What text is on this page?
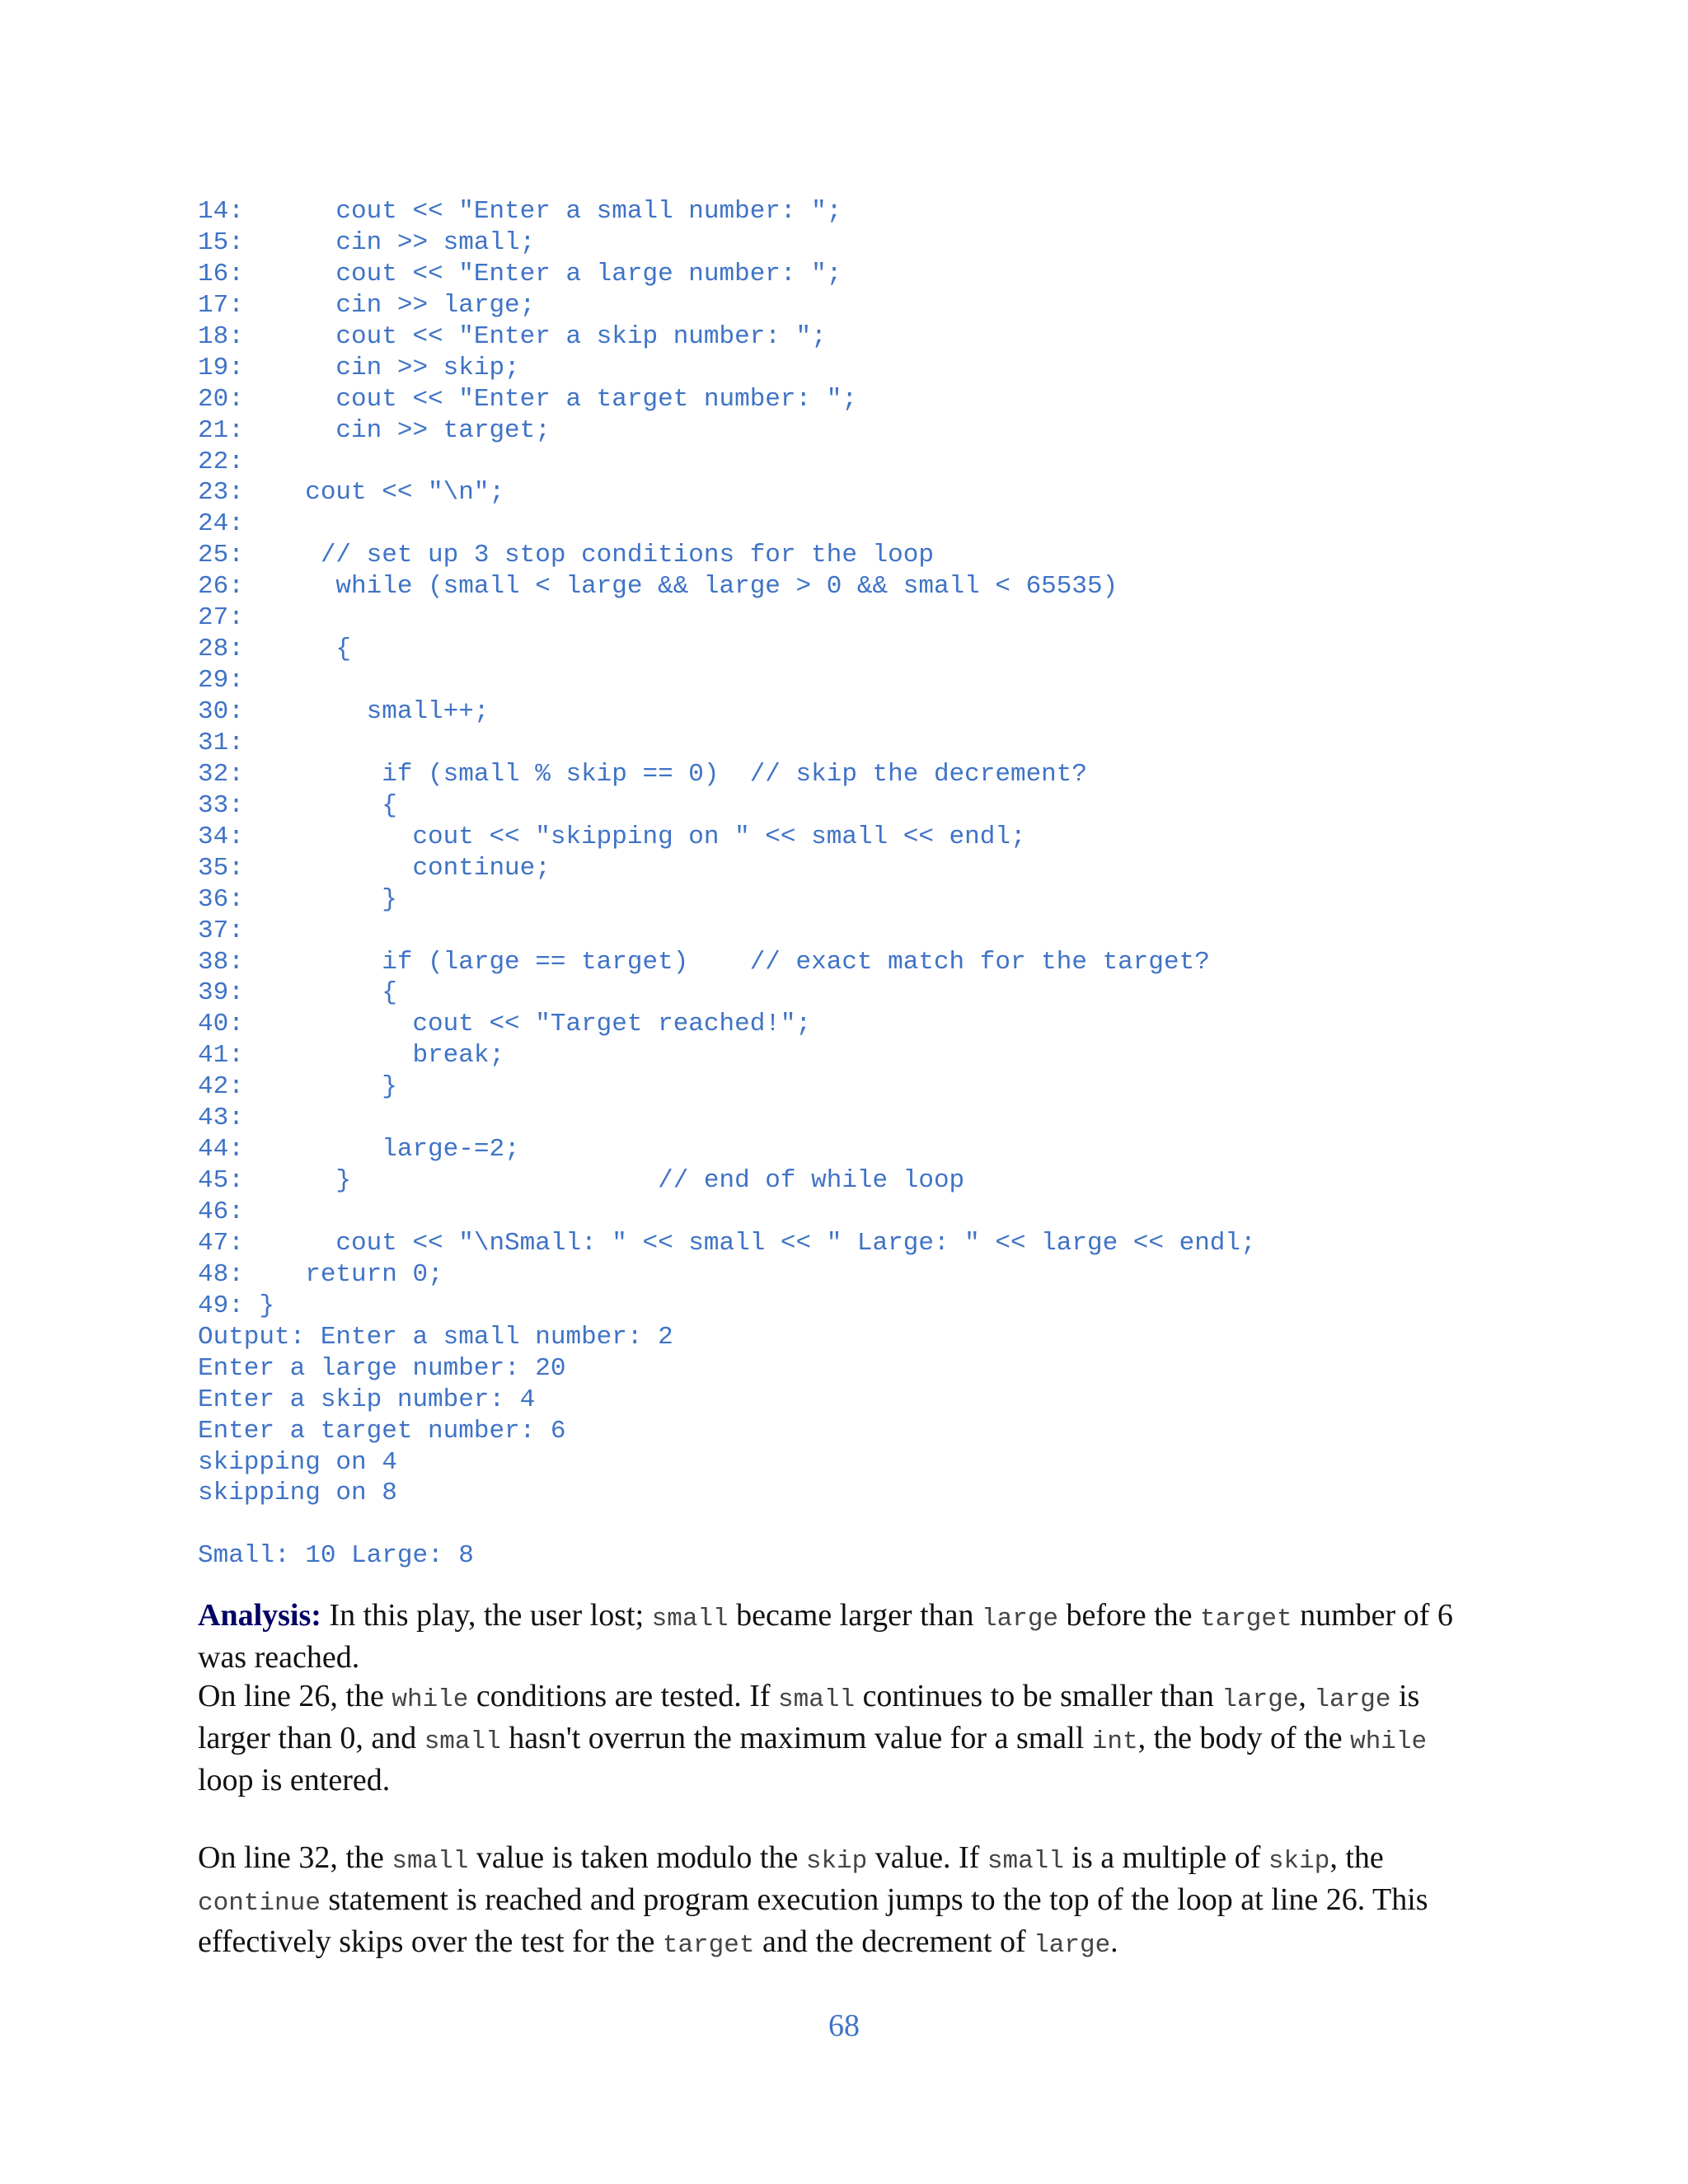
14:      cout << "Enter a small number: ";
15:      cin >> small;
16:      cout << "Enter a large number: ";
17:      cin >> large;
18:      cout << "Enter a skip number: ";
19:      cin >> skip;
20:      cout << "Enter a target number: ";
21:      cin >> target;
22:
23:    cout << "\n";
24:
25:     // set up 3 stop conditions for the loop
26:      while (small < large && large > 0 && small < 65535)
27:
28:      {
29:
30:        small++;
31:
32:         if (small % skip == 0)  // skip the decrement?
33:         {
34:           cout << "skipping on " << small << endl;
35:           continue;
36:         }
37:
38:         if (large == target)    // exact match for the target?
39:         {
40:           cout << "Target reached!";
41:           break;
42:         }
43:
44:         large-=2;
45:      }                    // end of while loop
46:
47:      cout << "\nSmall: " << small << " Large: " << large << endl;
48:    return 0;
49: }
Output: Enter a small number: 2
Enter a large number: 20
Enter a skip number: 4
Enter a target number: 6
skipping on 4
skipping on 8
Small: 10 Large: 8

Analysis: In this play, the user lost; small became larger than large before the target number of 6 was reached.

On line 26, the while conditions are tested. If small continues to be smaller than large, large is larger than 0, and small hasn't overrun the maximum value for a small int, the body of the while loop is entered.

On line 32, the small value is taken modulo the skip value. If small is a multiple of skip, the continue statement is reached and program execution jumps to the top of the loop at line 26. This effectively skips over the test for the target and the decrement of large.

68
